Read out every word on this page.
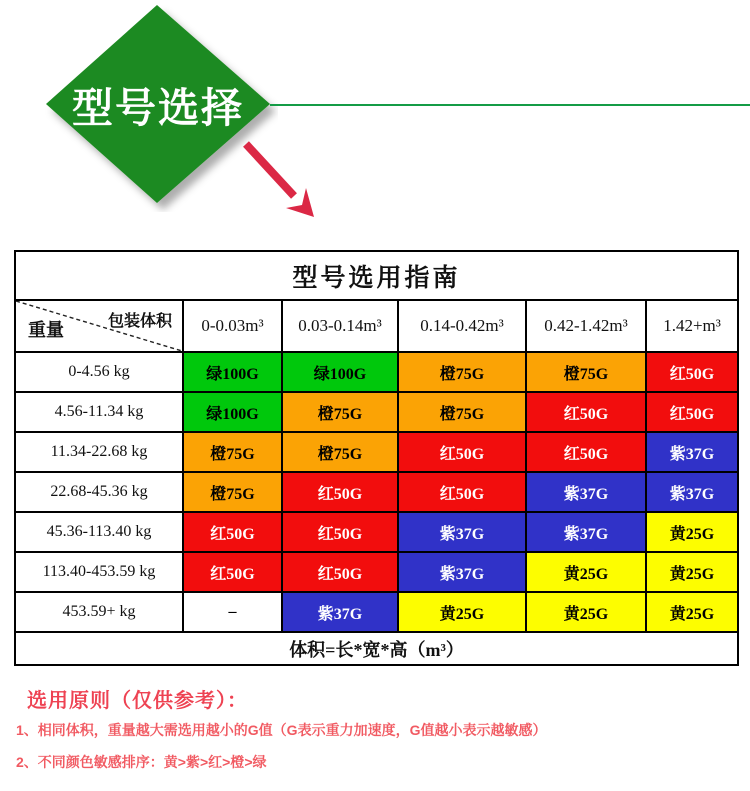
型号选择
型号选用指南					

包装体积
重量	0-0.03m³	0.03-0.14m³	0.14-0.42m³	0.42-1.42m³	1.42+m³
0-4.56 kg	绿100G	绿100G	橙75G	橙75G	红50G
4.56-11.34 kg	绿100G	橙75G	橙75G	红50G	红50G
11.34-22.68 kg	橙75G	橙75G	红50G	红50G	紫37G
22.68-45.36 kg	橙75G	红50G	红50G	紫37G	紫37G
45.36-113.40 kg	红50G	红50G	紫37G	紫37G	黄25G
113.40-453.59 kg	红50G	红50G	紫37G	黄25G	黄25G
453.59+ kg	–	紫37G	黄25G	黄25G	黄25G
体积=长*宽*高（m³）					
选用原则（仅供参考）：
1、相同体积，重量越大需选用越小的G值（G表示重力加速度，G值越小表示越敏感）
2、不同颜色敏感排序：黄>紫>红>橙>绿
